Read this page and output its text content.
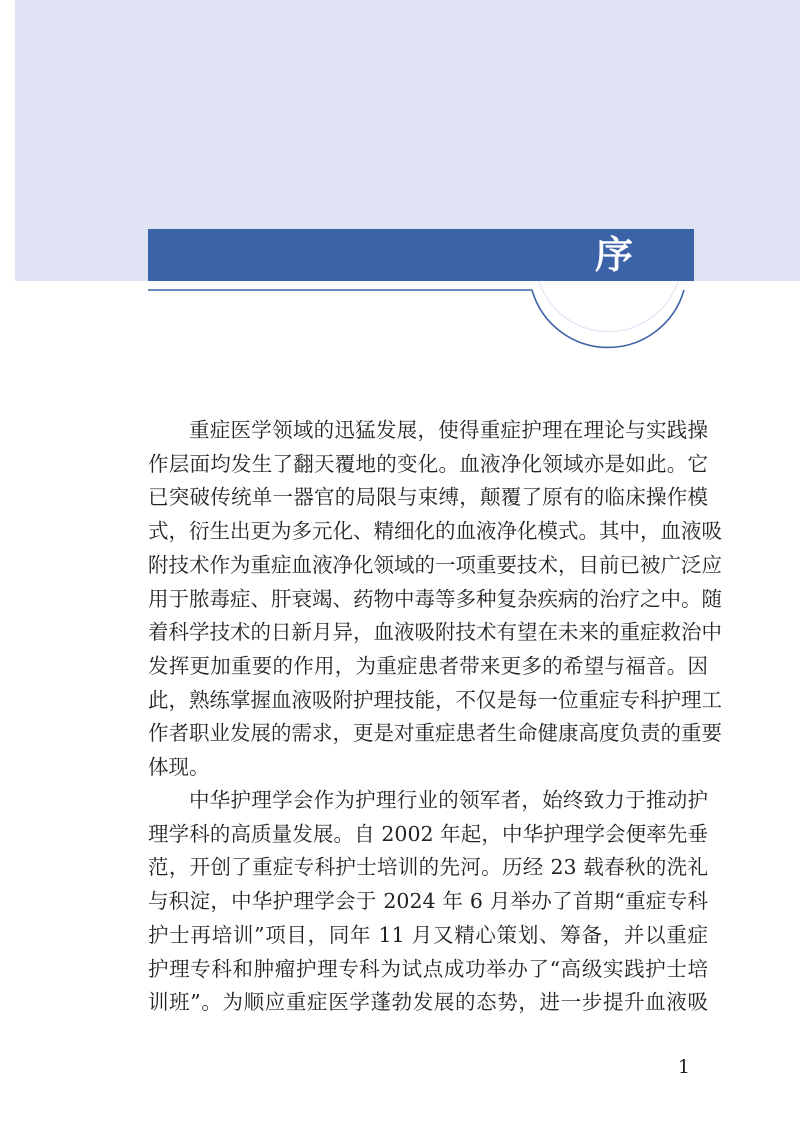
序
重症医学领域的迅猛发展，使得重症护理在理论与实践操
作层面均发生了翻天覆地的变化。血液净化领域亦是如此。它
已突破传统单一器官的局限与束缚，颠覆了原有的临床操作模
式，衍生出更为多元化、精细化的血液净化模式。其中，血液吸
附技术作为重症血液净化领域的一项重要技术，目前已被广泛应
用于脓毒症、肝衰竭、药物中毒等多种复杂疾病的治疗之中。随
着科学技术的日新月异，血液吸附技术有望在未来的重症救治中
发挥更加重要的作用，为重症患者带来更多的希望与福音。因
此，熟练掌握血液吸附护理技能，不仅是每一位重症专科护理工
作者职业发展的需求，更是对重症患者生命健康高度负责的重要
体现。
中华护理学会作为护理行业的领军者，始终致力于推动护
理学科的高质量发展。自 2002 年起，中华护理学会便率先垂
范，开创了重症专科护士培训的先河。历经 23 载春秋的洗礼
与积淀，中华护理学会于 2024 年 6 月举办了首期“重症专科
护士再培训”项目，同年 11 月又精心策划、筹备，并以重症
护理专科和肿瘤护理专科为试点成功举办了“高级实践护士培
训班”。为顺应重症医学蓬勃发展的态势，进一步提升血液吸
1
